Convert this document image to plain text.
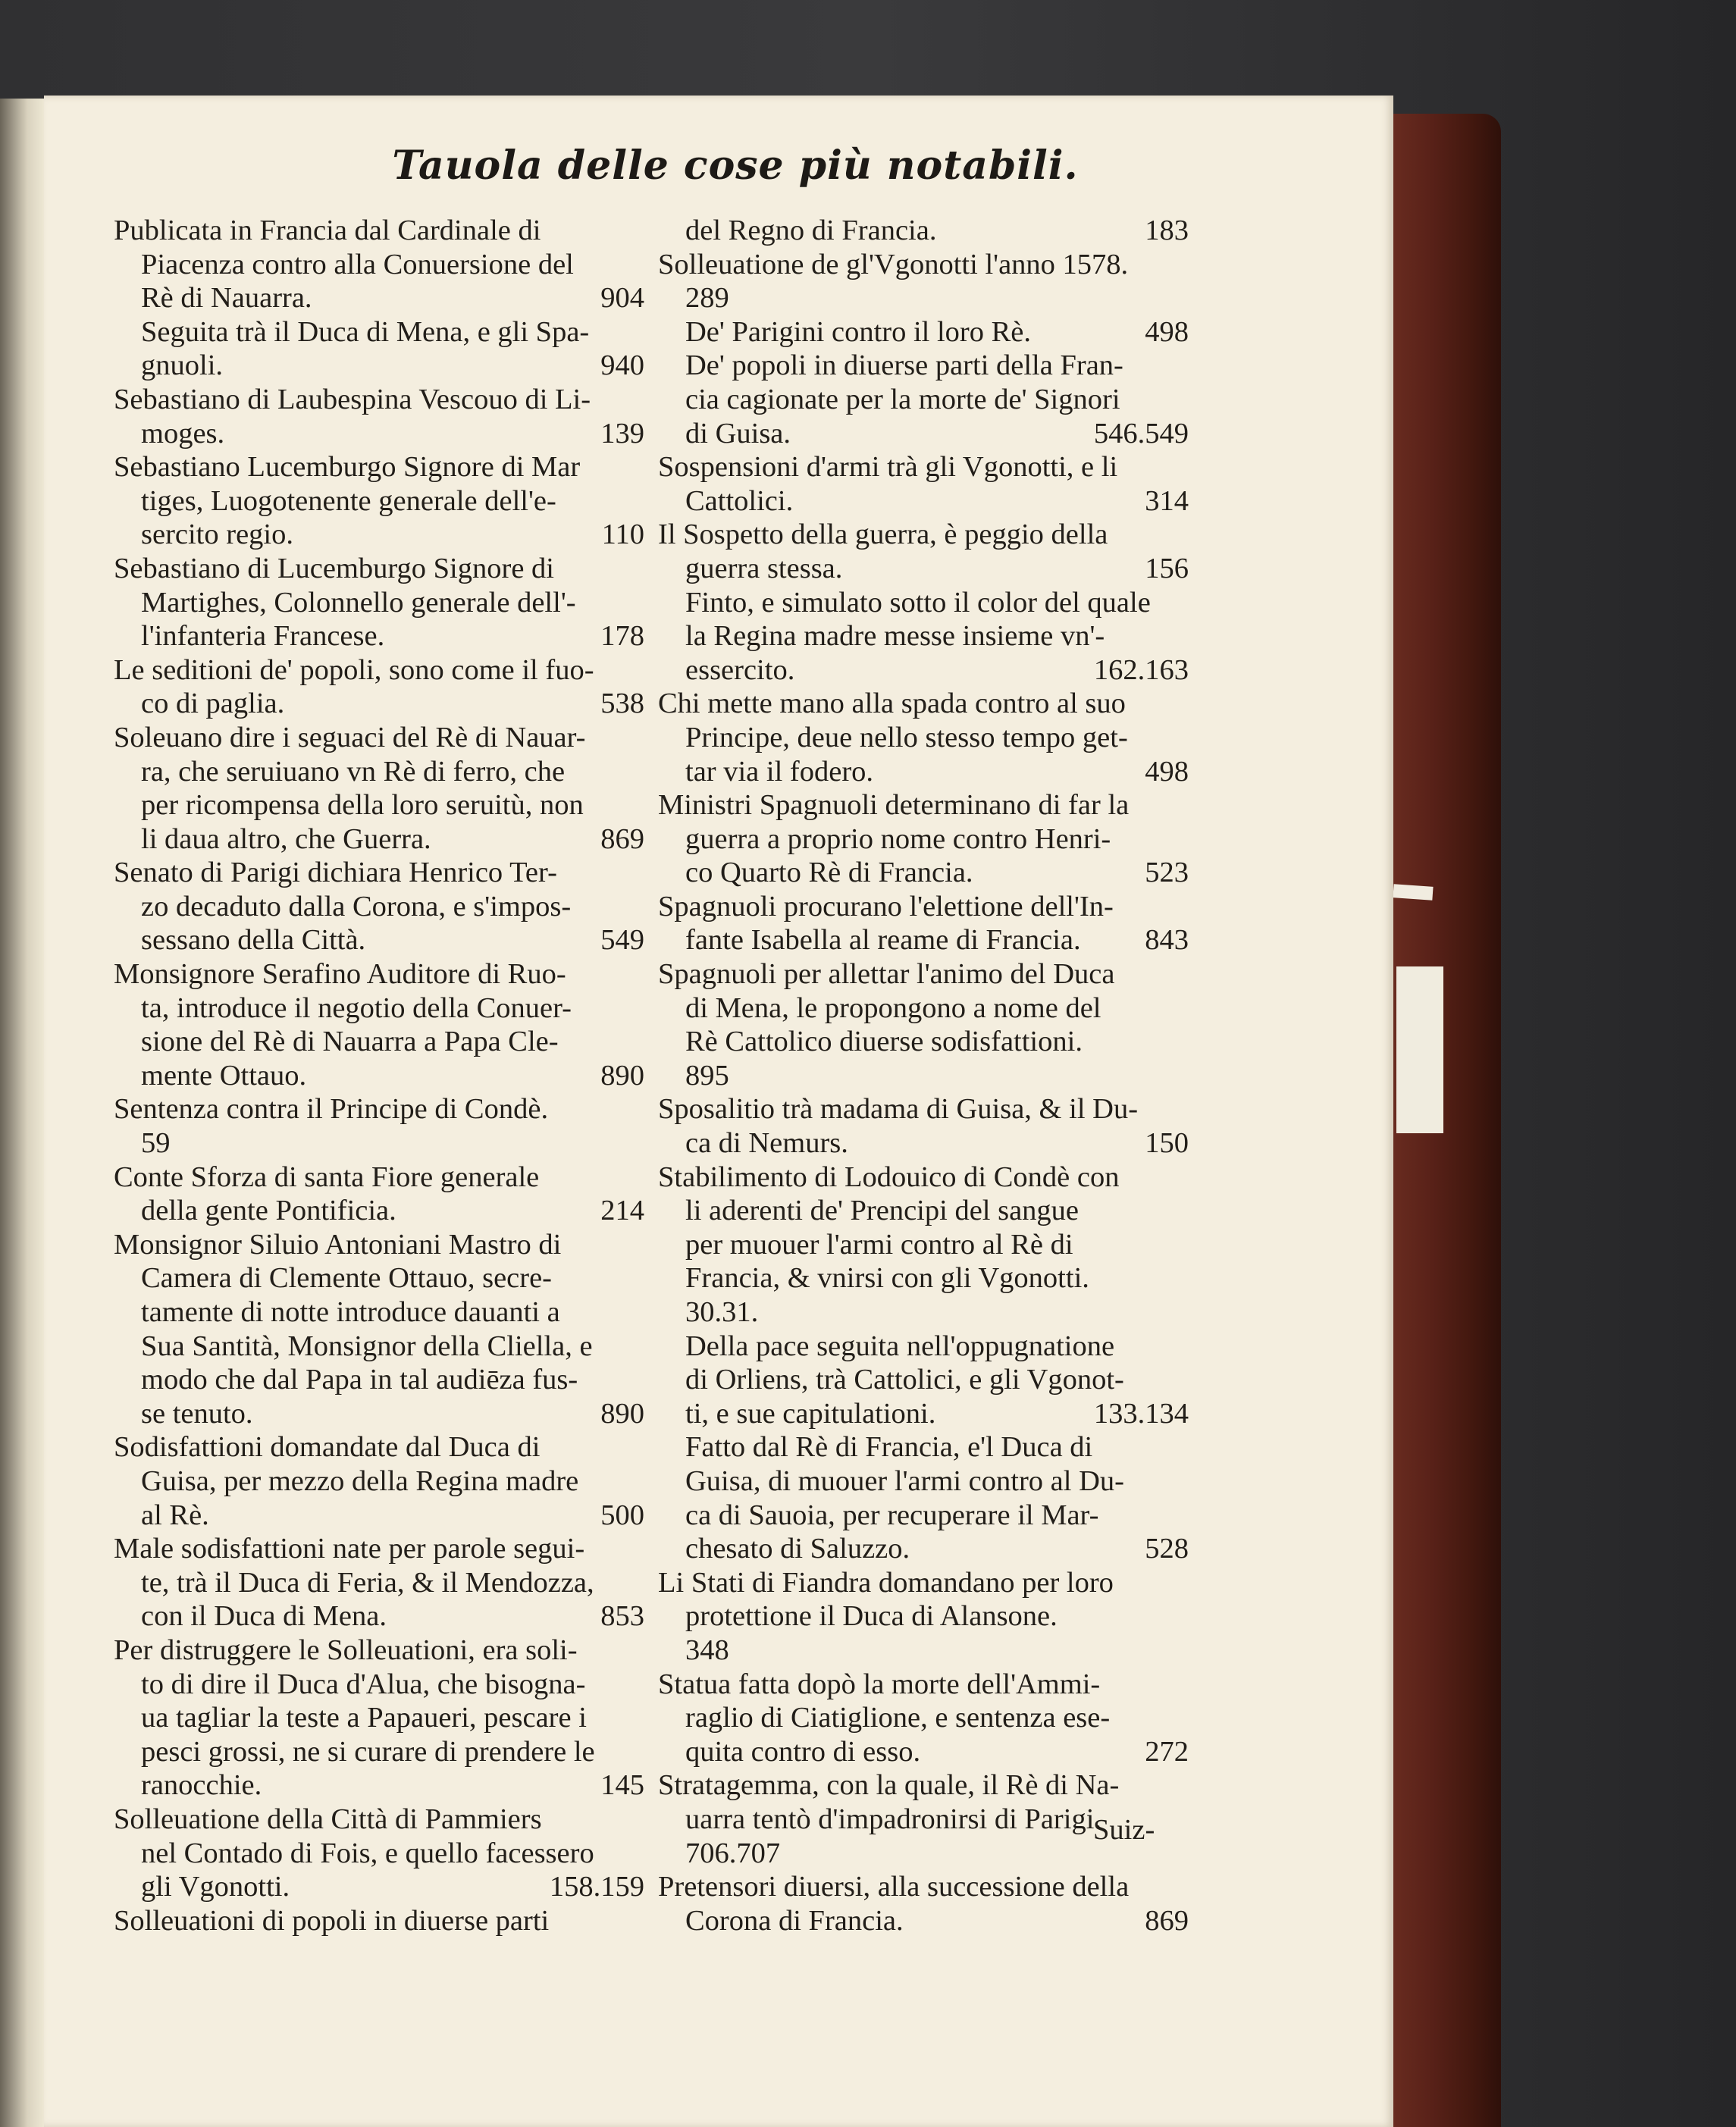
Tauola delle cose più notabili.
Publicata in Francia dal Cardinale di
Piacenza contro alla Conuersione del
Rè di Nauarra.	904
Seguita trà il Duca di Mena, e gli Spa-
gnuoli.	940
Sebastiano di Laubespina Vescouo di Li-
moges.	139
Sebastiano Lucemburgo Signore di Mar
tiges, Luogotenente generale dell'e-
sercito regio.	110
Sebastiano di Lucemburgo Signore di
Martighes, Colonnello generale dell'-
l'infanteria Francese.	178
Le seditioni de' popoli, sono come il fuo-
co di paglia.	538
Soleuano dire i seguaci del Rè di Nauar-
ra, che seruiuano vn Rè di ferro, che
per ricompensa della loro seruitù, non
li daua altro, che Guerra.	869
Senato di Parigi dichiara Henrico Ter-
zo decaduto dalla Corona, e s'impos-
sessano della Città.	549
Monsignore Serafino Auditore di Ruo-
ta, introduce il negotio della Conuer-
sione del Rè di Nauarra a Papa Cle-
mente Ottauo.	890
Sentenza contra il Principe di Condè.
59
Conte Sforza di santa Fiore generale
della gente Pontificia.	214
Monsignor Siluio Antoniani Mastro di
Camera di Clemente Ottauo, secre-
tamente di notte introduce dauanti a
Sua Santità, Monsignor della Cliella, e
modo che dal Papa in tal audiēza fus-
se tenuto.	890
Sodisfattioni domandate dal Duca di
Guisa, per mezzo della Regina madre
al Rè.	500
Male sodisfattioni nate per parole segui-
te, trà il Duca di Feria, & il Mendozza,
con il Duca di Mena.	853
Per distruggere le Solleuationi, era soli-
to di dire il Duca d'Alua, che bisogna-
ua tagliar la teste a Papaueri, pescare i
pesci grossi, ne si curare di prendere le
ranocchie.	145
Solleuatione della Città di Pammiers
nel Contado di Fois, e quello facessero
gli Vgonotti.	158.159
Solleuationi di popoli in diuerse parti
del Regno di Francia.	183
Solleuatione de gl'Vgonotti l'anno 1578.
289
De' Parigini contro il loro Rè.	498
De' popoli in diuerse parti della Fran-
cia cagionate per la morte de' Signori
di Guisa.	546.549
Sospensioni d'armi trà gli Vgonotti, e li
Cattolici.	314
Il Sospetto della guerra, è peggio della
guerra stessa.	156
Finto, e simulato sotto il color del quale
la Regina madre messe insieme vn'-
essercito.	162.163
Chi mette mano alla spada contro al suo
Principe, deue nello stesso tempo get-
tar via il fodero.	498
Ministri Spagnuoli determinano di far la
guerra a proprio nome contro Henri-
co Quarto Rè di Francia.	523
Spagnuoli procurano l'elettione dell'In-
fante Isabella al reame di Francia. 843
Spagnuoli per allettar l'animo del Duca
di Mena, le propongono a nome del
Rè Cattolico diuerse sodisfattioni.
895
Sposalitio trà madama di Guisa, & il Du-
ca di Nemurs.	150
Stabilimento di Lodouico di Condè con
li aderenti de' Prencipi del sangue
per muouer l'armi contro al Rè di
Francia, & vnirsi con gli Vgonotti.
30.31.
Della pace seguita nell'oppugnatione
di Orliens, trà Cattolici, e gli Vgonot-
ti, e sue capitulationi.	133.134
Fatto dal Rè di Francia, e'l Duca di
Guisa, di muouer l'armi contro al Du-
ca di Sauoia, per recuperare il Mar-
chesato di Saluzzo.	528
Li Stati di Fiandra domandano per loro
protettione il Duca di Alansone.
348
Statua fatta dopò la morte dell'Ammi-
raglio di Ciatiglione, e sentenza ese-
quita contro di esso.	272
Stratagemma, con la quale, il Rè di Na-
uarra tentò d'impadronirsi di Parigi.
706.707
Pretensori diuersi, alla successione della
Corona di Francia.	869
Suiz-
